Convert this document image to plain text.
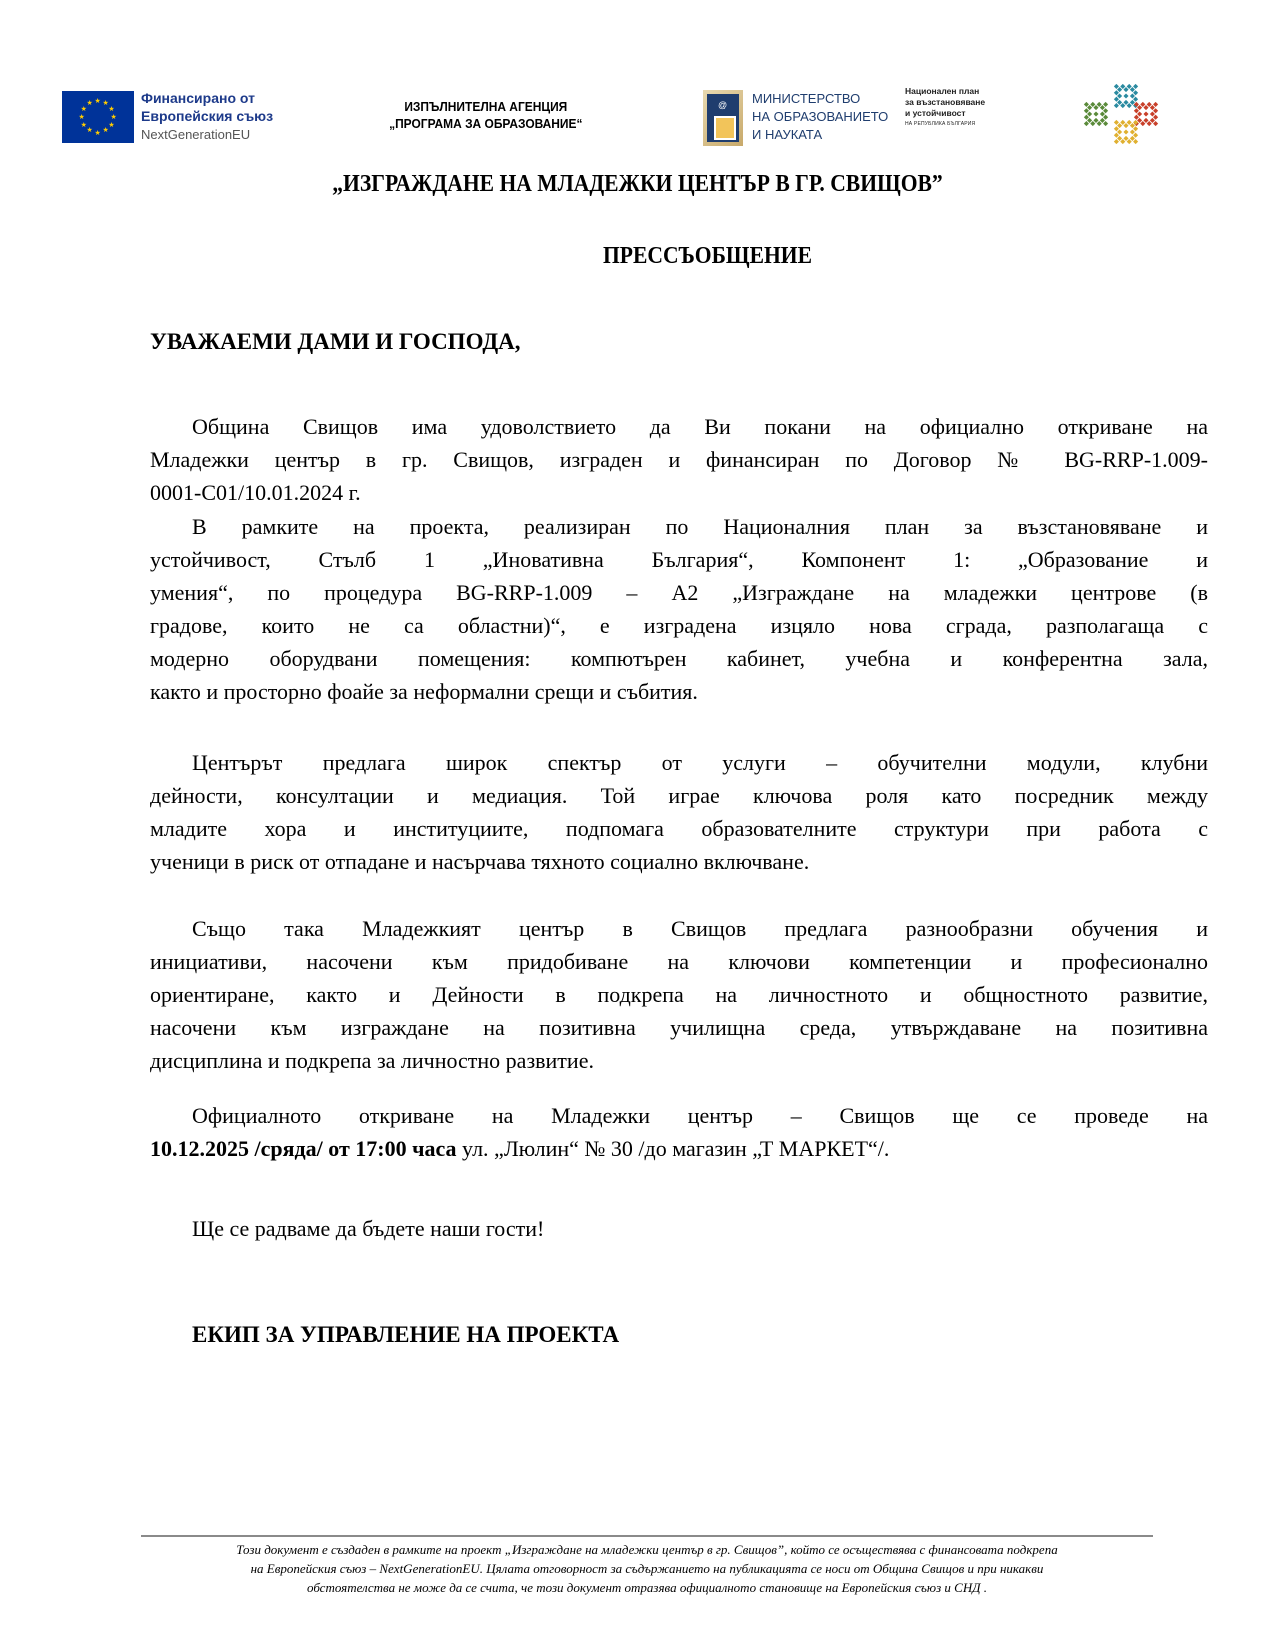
★ ★
★
★
★
★
★
★
★
★
★
★	Финансирано от
Европейския съюз
NextGenerationEU
ИЗПЪЛНИТЕЛНА АГЕНЦИЯ
„ПРОГРАМА ЗА ОБРАЗОВАНИЕ“
@ МИНИСТЕРСТВО
НА ОБРАЗОВАНИЕТО
И НАУКАТА
Национален план
за възстановяване
и устойчивост
НА РЕПУБЛИКА БЪЛГАРИЯ
„ИЗГРАЖДАНЕ НА МЛАДЕЖКИ ЦЕНТЪР В ГР. СВИЩОВ”
ПРЕССЪОБЩЕНИЕ
УВАЖАЕМИ ДАМИ И ГОСПОДА,
Община Свищов има удоволствието да Ви покани на официално откриване на
Младежки център в гр. Свищов, изграден и финансиран по Договор № BG-RRP-1.009-
0001-C01/10.01.2024 г.
В рамките на проекта, реализиран по Националния план за възстановяване и
устойчивост, Стълб 1 „Иновативна България“, Компонент 1: „Образование и
умения“, по процедура BG-RRP-1.009 – А2 „Изграждане на младежки центрове (в
градове, които не са областни)“, е изградена изцяло нова сграда, разполагаща с
модерно оборудвани помещения: компютърен кабинет, учебна и конферентна зала,
както и просторно фоайе за неформални срещи и събития.
Центърът предлага широк спектър от услуги – обучителни модули, клубни
дейности, консултации и медиация. Той играе ключова роля като посредник между
младите хора и институциите, подпомага образователните структури при работа с
ученици в риск от отпадане и насърчава тяхното социално включване.
Също така Младежкият център в Свищов предлага разнообразни обучения и
инициативи, насочени към придобиване на ключови компетенции и професионално
ориентиране, както и Дейности в подкрепа на личностното и общностното развитие,
насочени към изграждане на позитивна училищна среда, утвърждаване на позитивна
дисциплина и подкрепа за личностно развитие.
Официалното откриване на Младежки център – Свищов ще се проведе на
10.12.2025 /сряда/ от 17:00 часа ул. „Люлин“ № 30 /до магазин „Т МАРКЕТ“/.
Ще се радваме да бъдете наши гости!
ЕКИП ЗА УПРАВЛЕНИЕ НА ПРОЕКТА
Този документ е създаден в рамките на проект „Изграждане на младежки център в гр. Свищов”, който се осъществява с финансовата подкрепа
на Европейския съюз – NextGenerationEU. Цялата отговорност за съдържанието на публикацията се носи от Община Свищов и при никакви
обстоятелства не може да се счита, че този документ отразява официалното становище на Европейския съюз и СНД .
